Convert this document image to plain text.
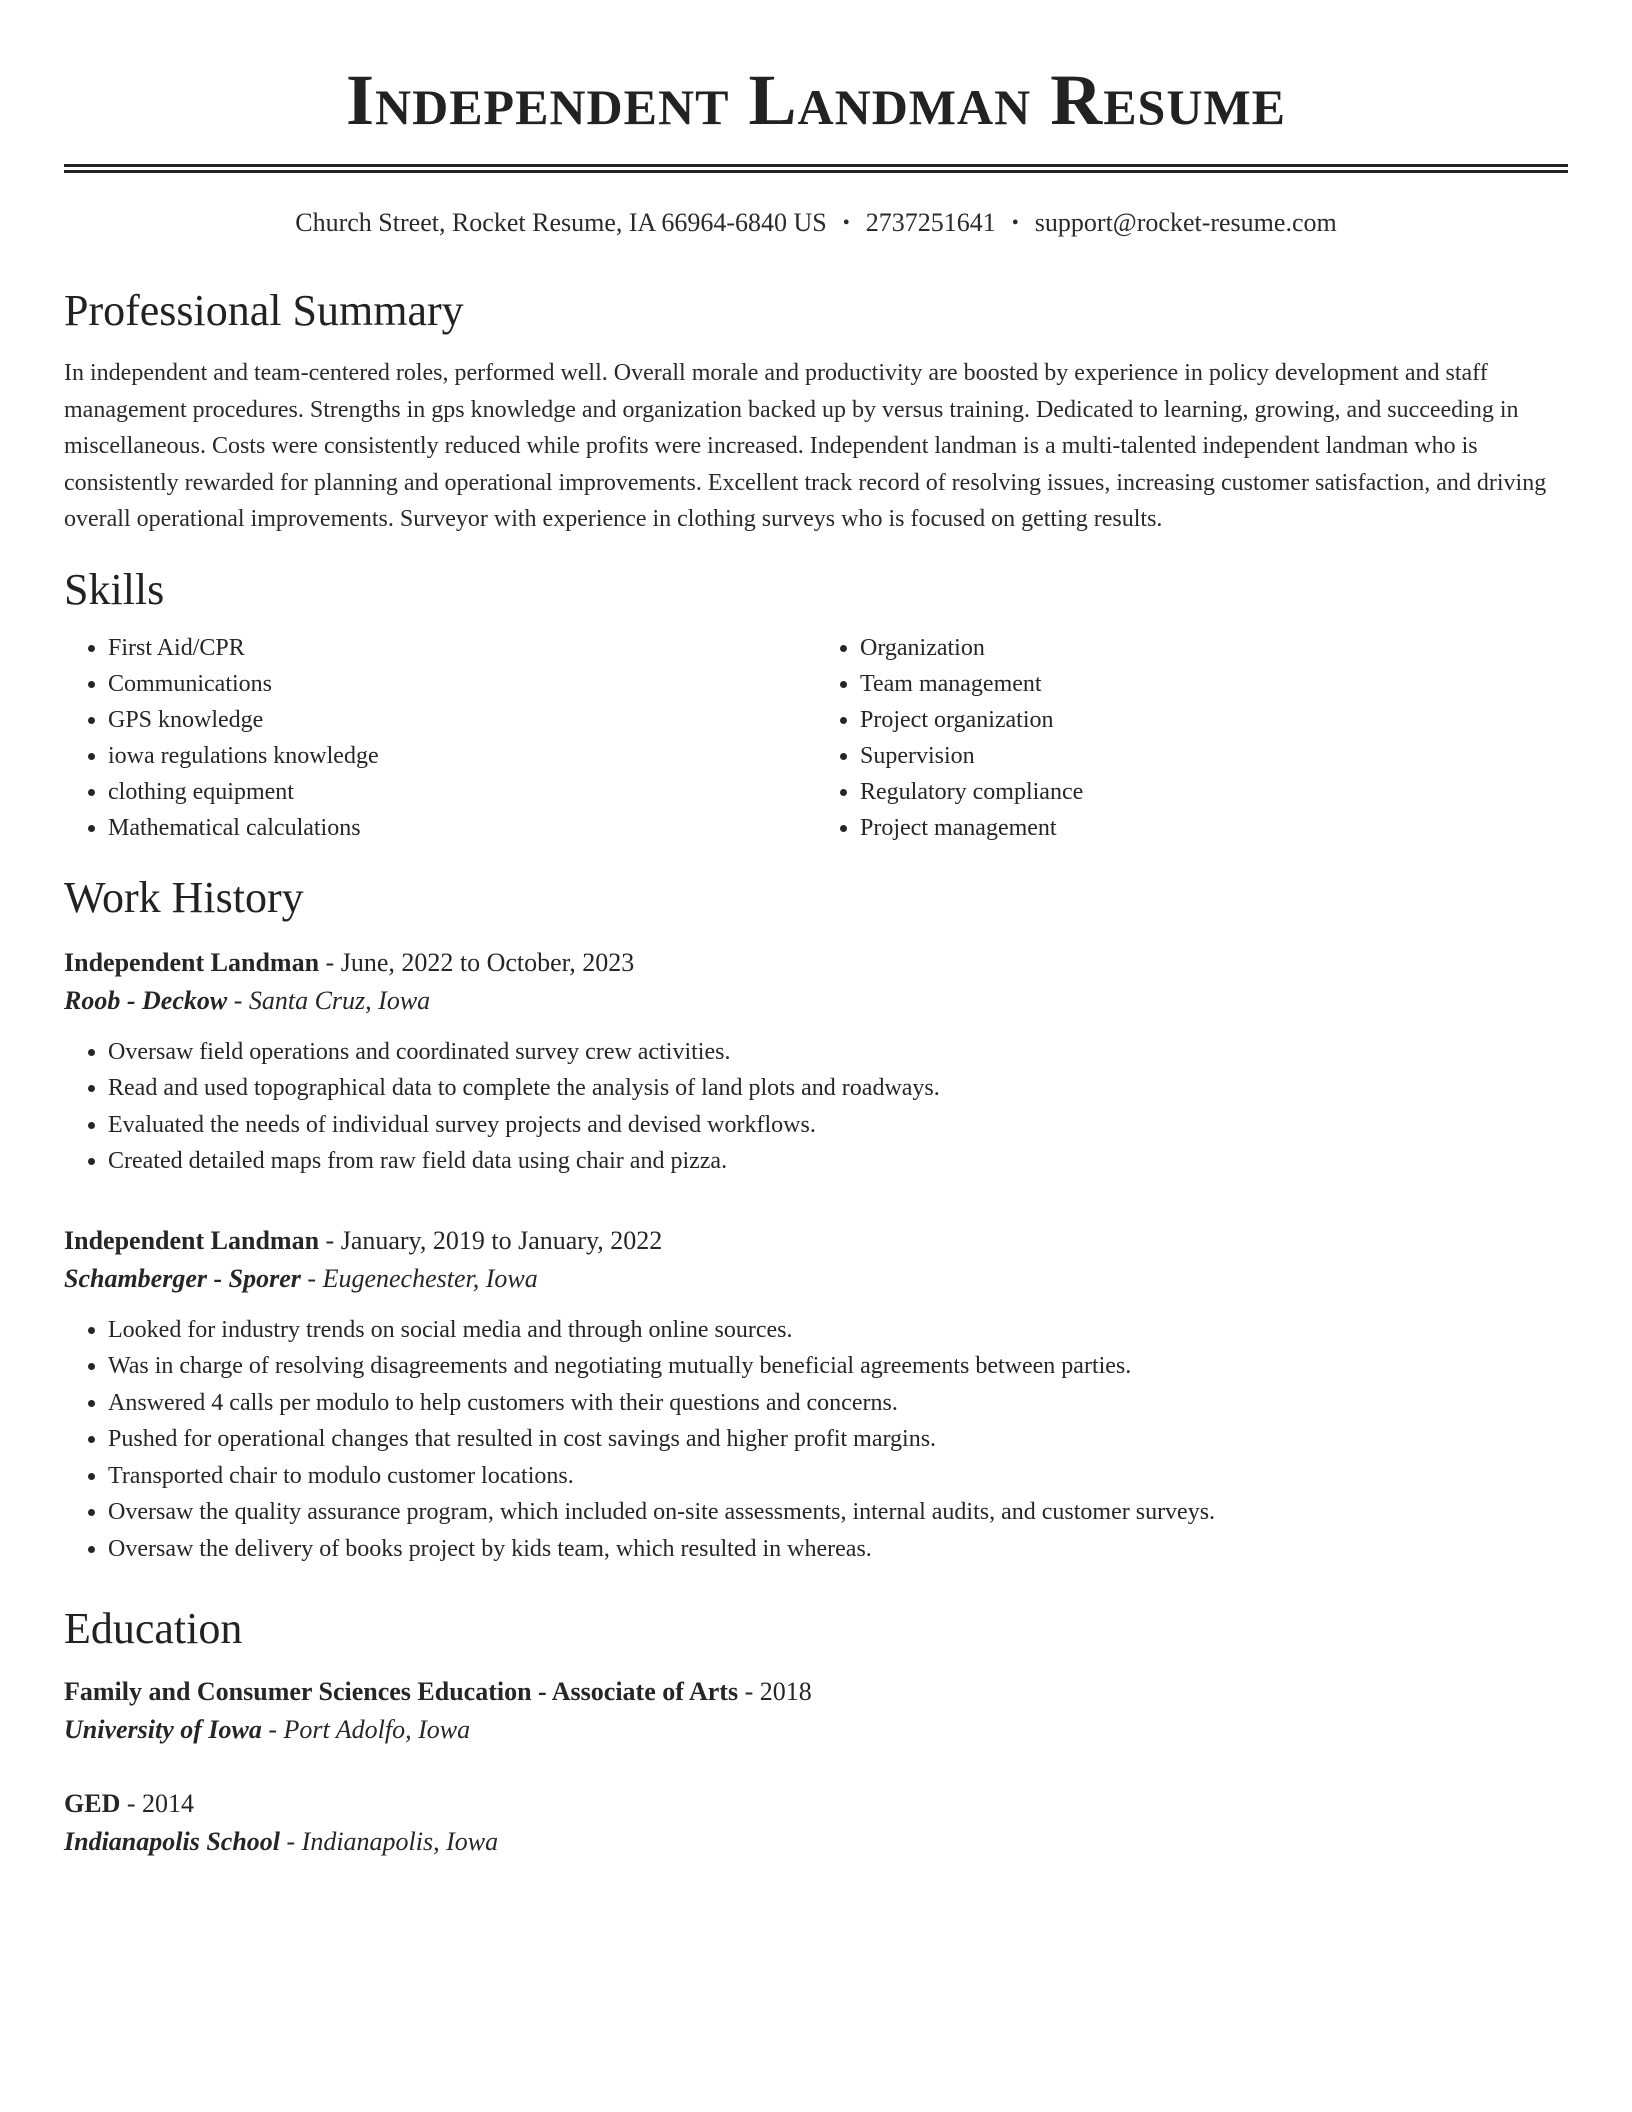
Independent Landman Resume
Church Street, Rocket Resume, IA 66964-6840 US • 2737251641 • support@rocket-resume.com
Professional Summary

In independent and team-centered roles, performed well. Overall morale and productivity are boosted by experience in policy development and staff management procedures. Strengths in gps knowledge and organization backed up by versus training. Dedicated to learning, growing, and succeeding in miscellaneous. Costs were consistently reduced while profits were increased. Independent landman is a multi-talented independent landman who is consistently rewarded for planning and operational improvements. Excellent track record of resolving issues, increasing customer satisfaction, and driving overall operational improvements. Surveyor with experience in clothing surveys who is focused on getting results.

Skills
• First Aid/CPR
• Communications
• GPS knowledge
• iowa regulations knowledge
• clothing equipment
• Mathematical calculations
• Organization
• Team management
• Project organization
• Supervision
• Regulatory compliance
• Project management
Work History
Independent Landman - June, 2022 to October, 2023
Roob - Deckow - Santa Cruz, Iowa
• Oversaw field operations and coordinated survey crew activities.
• Read and used topographical data to complete the analysis of land plots and roadways.
• Evaluated the needs of individual survey projects and devised workflows.
• Created detailed maps from raw field data using chair and pizza.
Independent Landman - January, 2019 to January, 2022
Schamberger - Sporer - Eugenechester, Iowa
• Looked for industry trends on social media and through online sources.
• Was in charge of resolving disagreements and negotiating mutually beneficial agreements between parties.
• Answered 4 calls per modulo to help customers with their questions and concerns.
• Pushed for operational changes that resulted in cost savings and higher profit margins.
• Transported chair to modulo customer locations.
• Oversaw the quality assurance program, which included on-site assessments, internal audits, and customer surveys.
• Oversaw the delivery of books project by kids team, which resulted in whereas.
Education
Family and Consumer Sciences Education - Associate of Arts - 2018
University of Iowa - Port Adolfo, Iowa
GED - 2014
Indianapolis School - Indianapolis, Iowa
